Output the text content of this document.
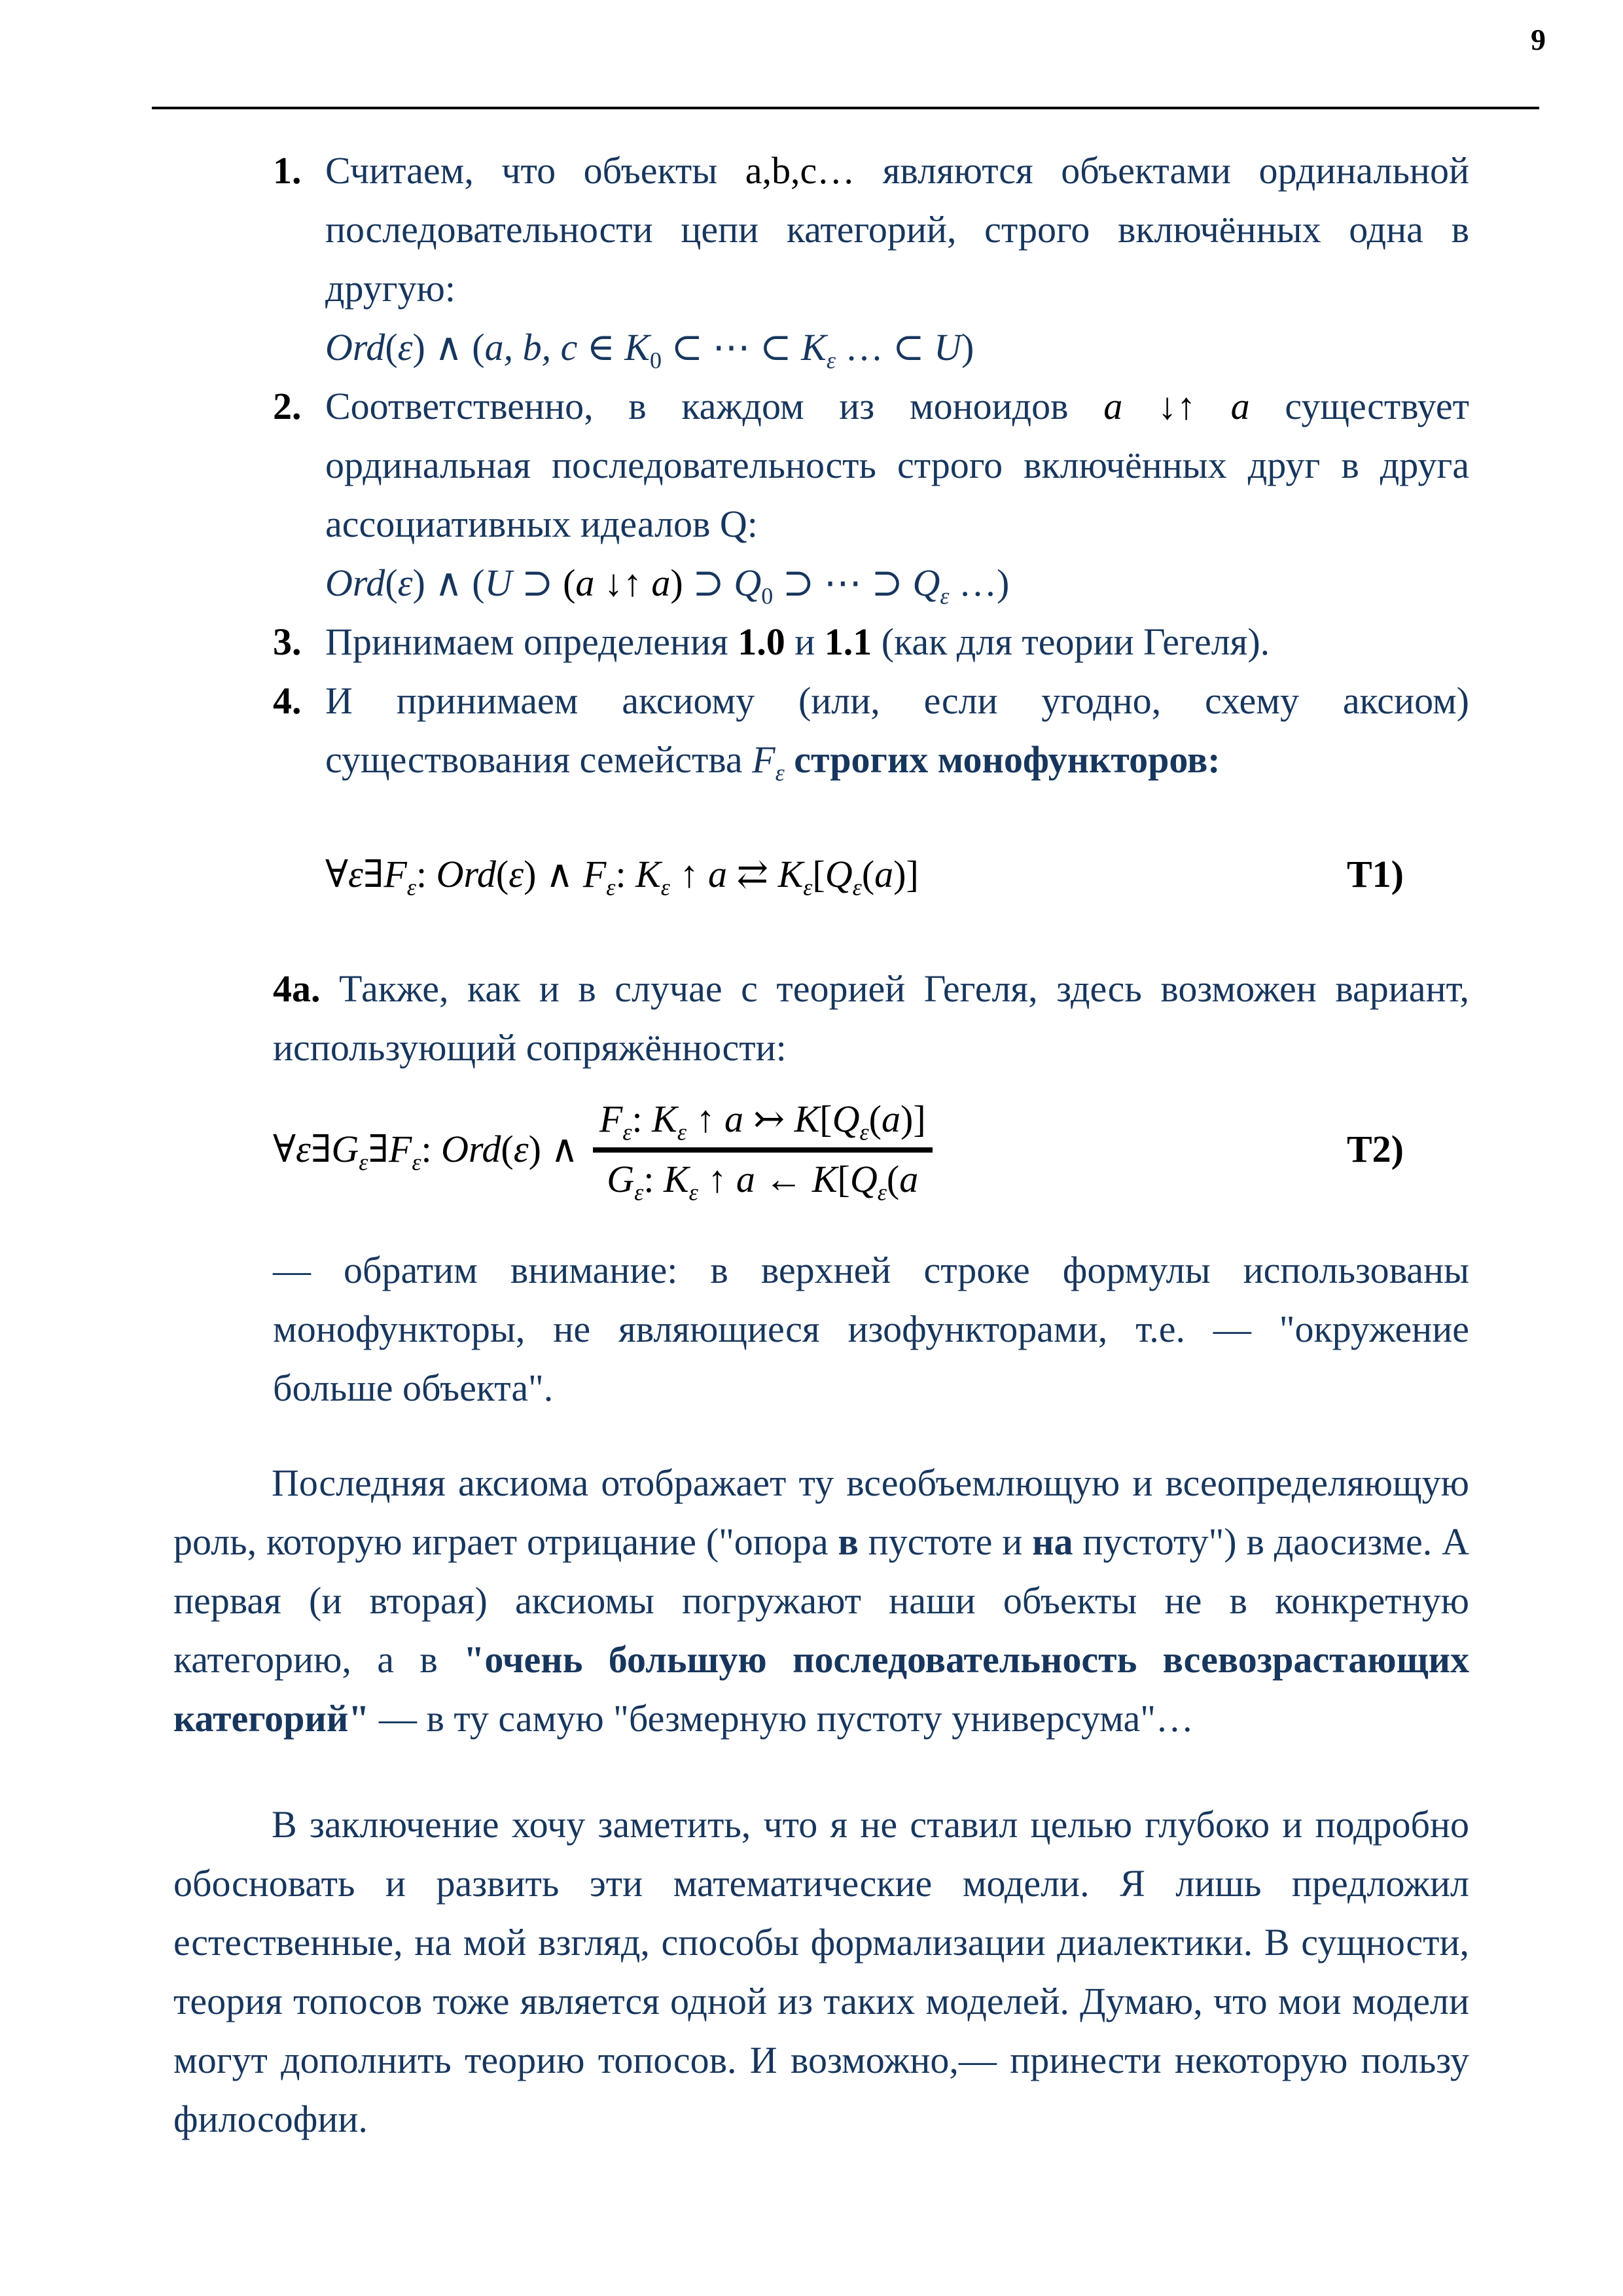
9
1. Считаем, что объекты a,b,c… являются объектами ординальной последовательности цепи категорий, строго включённых одна в другую:
Ord(ε) ∧ (a, b, c ∈ $K_0$ ⊂ ⋯ ⊂ $K_\varepsilon$ … ⊂ U)
2. Соответственно, в каждом из моноидов a ↓↑ a существует ординальная последовательность строго включённых друг в друга ассоциативных идеалов Q:
Ord(ε) ∧ (U ⊃ (a ↓↑ a) ⊃ $Q_0$ ⊃ ⋯ ⊃ $Q_\varepsilon$ …)
3. Принимаем определения 1.0 и 1.1 (как для теории Гегеля).
4. И принимаем аксиому (или, если угодно, схему аксиом) существования семейства $F_\varepsilon$ строгих монофункторов:
$\forall\varepsilon\exists F_\varepsilon$: Ord(ε) ∧ $F_\varepsilon$: $K_\varepsilon$ ↑ a ⇄ $K_\varepsilon[Q_\varepsilon(a)]$	Т1)
4а. Также, как и в случае с теорией Гегеля, здесь возможен вариант, использующий сопряжённости:
$\forall\varepsilon\exists G_\varepsilon\exists F_\varepsilon$: Ord(ε) ∧ $\frac{F_\varepsilon: K_\varepsilon ↑ a ↣ K[Q_\varepsilon(a)]}{G_\varepsilon: K_\varepsilon ↑ a \leftarrow K[Q_\varepsilon(a}$	Т2)
— обратим внимание: в верхней строке формулы использованы монофункторы, не являющиеся изофункторами, т.е. — "окружение больше объекта".
Последняя аксиома отображает ту всеобъемлющую и всеопределяющую роль, которую играет отрицание ("опора в пустоте и на пустоту") в даосизме. А первая (и вторая) аксиомы погружают наши объекты не в конкретную категорию, а в "очень большую последовательность всевозрастающих категорий" — в ту самую "безмерную пустоту универсума"…
В заключение хочу заметить, что я не ставил целью глубоко и подробно обосновать и развить эти математические модели. Я лишь предложил естественные, на мой взгляд, способы формализации диалектики. В сущности, теория топосов тоже является одной из таких моделей. Думаю, что мои модели могут дополнить теорию топосов. И возможно,— принести некоторую пользу философии.
